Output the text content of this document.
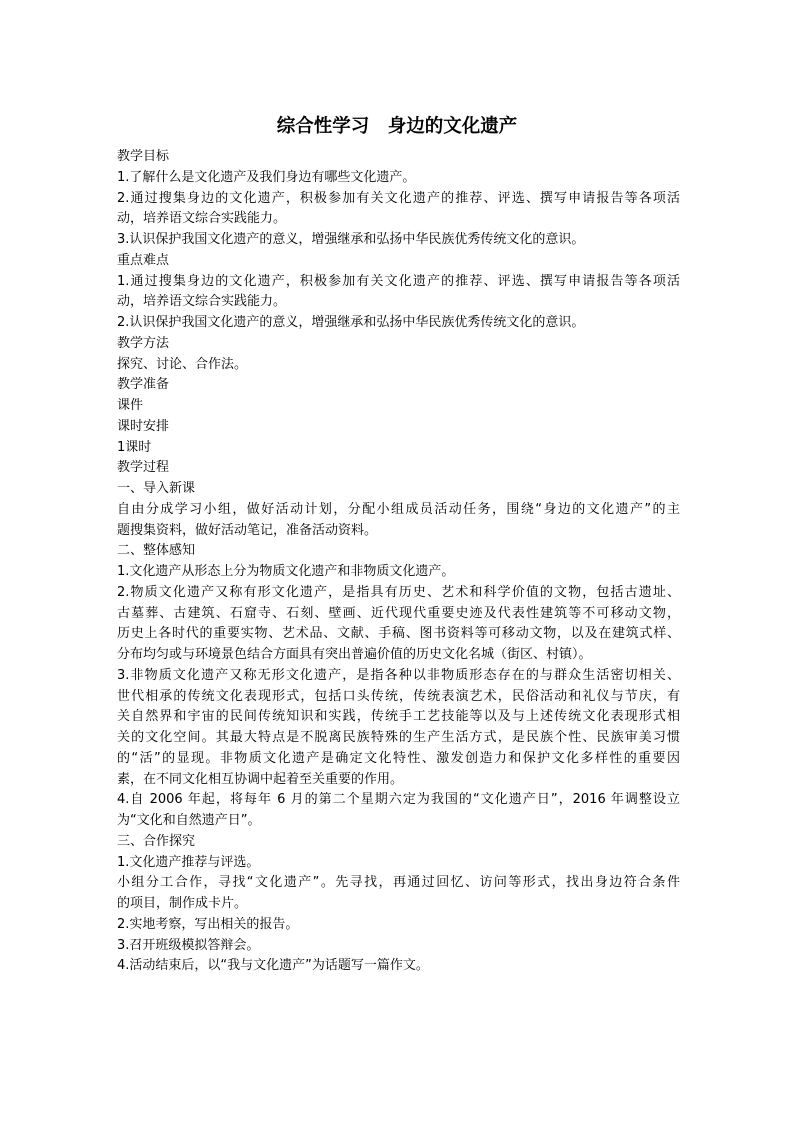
综合性学习　身边的文化遗产
教学目标
1.了解什么是文化遗产及我们身边有哪些文化遗产。
2.通过搜集身边的文化遗产，积极参加有关文化遗产的推荐、评选、撰写申请报告等各项活
动，培养语文综合实践能力。
3.认识保护我国文化遗产的意义，增强继承和弘扬中华民族优秀传统文化的意识。
重点难点
1.通过搜集身边的文化遗产，积极参加有关文化遗产的推荐、评选、撰写申请报告等各项活
动，培养语文综合实践能力。
2.认识保护我国文化遗产的意义，增强继承和弘扬中华民族优秀传统文化的意识。
教学方法
探究、讨论、合作法。
教学准备
课件
课时安排
1课时
教学过程
一、导入新课
自由分成学习小组，做好活动计划，分配小组成员活动任务，围绕“身边的文化遗产”的主
题搜集资料，做好活动笔记，准备活动资料。
二、整体感知
1.文化遗产从形态上分为物质文化遗产和非物质文化遗产。
2.物质文化遗产又称有形文化遗产，是指具有历史、艺术和科学价值的文物，包括古遗址、
古墓葬、古建筑、石窟寺、石刻、壁画、近代现代重要史迹及代表性建筑等不可移动文物，
历史上各时代的重要实物、艺术品、文献、手稿、图书资料等可移动文物，以及在建筑式样、
分布均匀或与环境景色结合方面具有突出普遍价值的历史文化名城（街区、村镇）。
3.非物质文化遗产又称无形文化遗产，是指各种以非物质形态存在的与群众生活密切相关、
世代相承的传统文化表现形式，包括口头传统，传统表演艺术，民俗活动和礼仪与节庆，有
关自然界和宇宙的民间传统知识和实践，传统手工艺技能等以及与上述传统文化表现形式相
关的文化空间。其最大特点是不脱离民族特殊的生产生活方式，是民族个性、民族审美习惯
的“活”的显现。非物质文化遗产是确定文化特性、激发创造力和保护文化多样性的重要因
素，在不同文化相互协调中起着至关重要的作用。
4.自 2006 年起，将每年 6 月的第二个星期六定为我国的“文化遗产日”，2016 年调整设立
为“文化和自然遗产日”。
三、合作探究
1.文化遗产推荐与评选。
小组分工合作，寻找“文化遗产”。先寻找，再通过回忆、访问等形式，找出身边符合条件
的项目，制作成卡片。
2.实地考察，写出相关的报告。
3.召开班级模拟答辩会。
4.活动结束后，以“我与文化遗产”为话题写一篇作文。
